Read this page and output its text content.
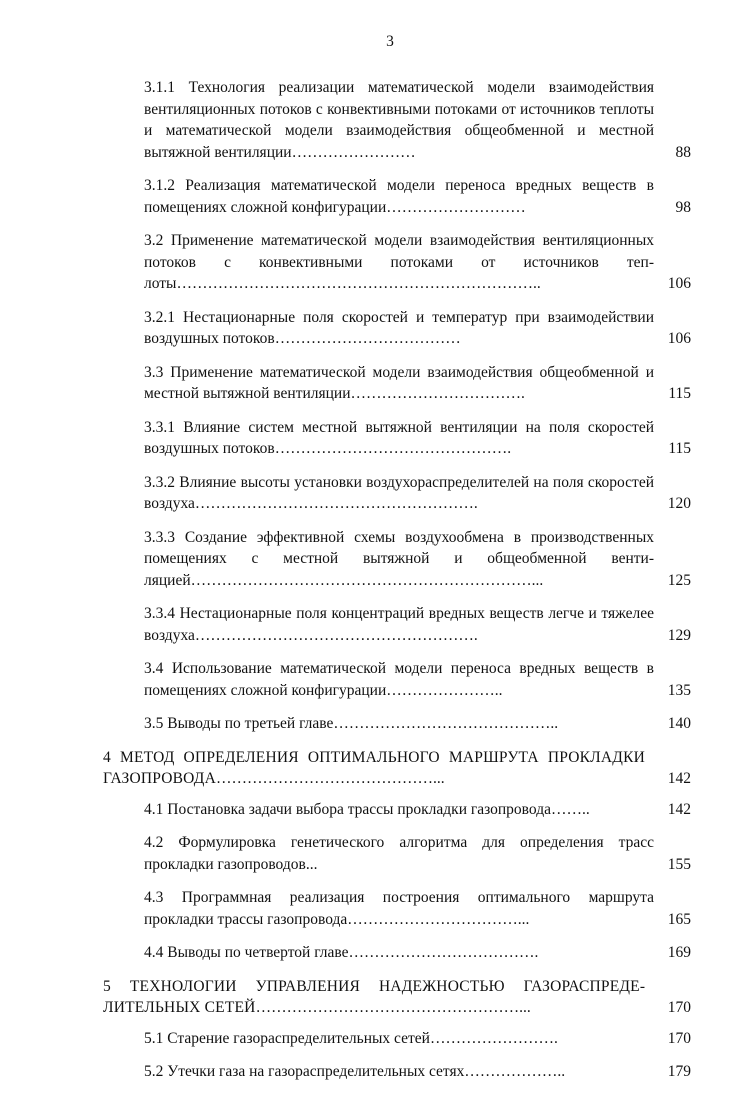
3
3.1.1 Технология реализации математической модели взаимодействия вентиляционных потоков с конвективными потоками от источников теплоты и математической модели взаимодействия общеобменной и местной вытяжной вентиляции……………………	88
3.1.2 Реализация математической модели переноса вредных веществ в помещениях сложной конфигурации………………………	98
3.2 Применение математической модели взаимодействия вентиляционных потоков с конвективными потоками от источников теплоты……………………………………………………………..	106
3.2.1 Нестационарные поля скоростей и температур при взаимодействии воздушных потоков………………………………	106
3.3 Применение математической модели взаимодействия общеобменной и местной вытяжной вентиляции…………………………….	115
3.3.1 Влияние систем местной вытяжной вентиляции на поля скоростей воздушных потоков……………………………………….	115
3.3.2 Влияние высоты установки воздухораспределителей на поля скоростей воздуха……………………………………………….	120
3.3.3 Создание эффективной схемы воздухообмена в производственных помещениях с местной вытяжной и общеобменной вентиляцией…………………………………………………………...	125
3.3.4 Нестационарные поля концентраций вредных веществ легче и тяжелее воздуха……………………………………………….	129
3.4 Использование математической модели переноса вредных веществ в помещениях сложной конфигурации…………………..	135
3.5 Выводы по третьей главе……………………………………..	140
4 МЕТОД ОПРЕДЕЛЕНИЯ ОПТИМАЛЬНОГО МАРШРУТА ПРОКЛАДКИ ГАЗОПРОВОДА……………………………………...	142
4.1 Постановка задачи выбора трассы прокладки газопровода……..	142
4.2 Формулировка генетического алгоритма для определения трасс прокладки газопроводов...	155
4.3 Программная реализация построения оптимального маршрута прокладки трассы газопровода……………………………...	165
4.4 Выводы по четвертой главе……………………………….	169
5 ТЕХНОЛОГИИ УПРАВЛЕНИЯ НАДЕЖНОСТЬЮ ГАЗОРАСПРЕДЕЛИТЕЛЬНЫХ СЕТЕЙ……………………………………………...	170
5.1 Старение газораспределительных сетей…………………….	170
5.2 Утечки газа на газораспределительных сетях………………..	179
